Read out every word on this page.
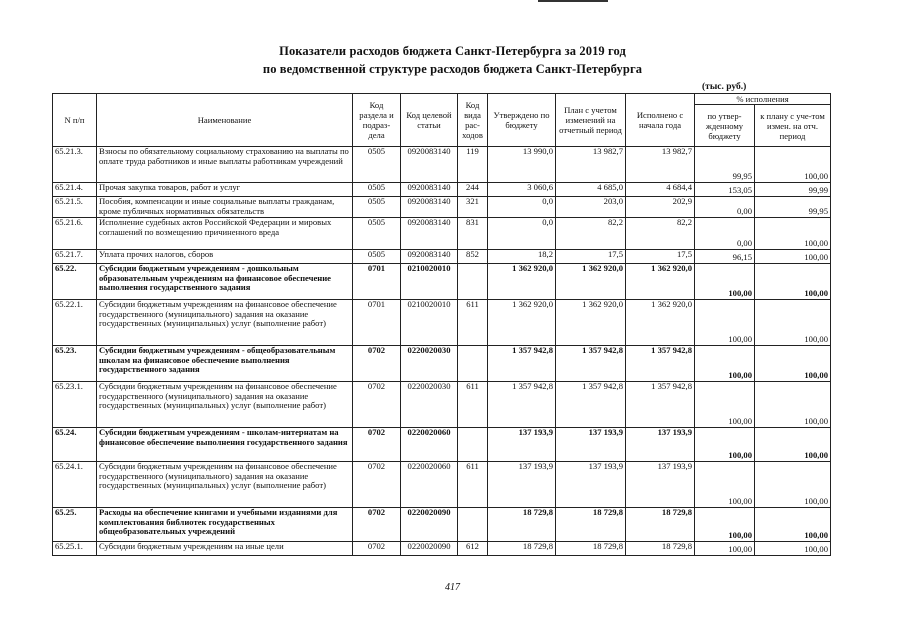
Показатели расходов бюджета Санкт-Петербурга за 2019 год
по ведомственной структуре расходов бюджета Санкт-Петербурга
(тыс. руб.)
N п/п	Наименование	Код раздела и подраз-дела	Код целевой статьи	Код вида рас-ходов	Утверждено по бюджету	План с учетом изменений на отчетный период	Исполнено с начала года	% исполнения	
								по утвер-жденному бюджету	к плану с уче-том измен. на отч. период
65.21.3.	Взносы по обязательному социальному страхованию на выплаты по оплате труда работников и иные выплаты работникам учреждений	0505	0920083140	119	13 990,0	13 982,7	13 982,7	99,95	100,00
65.21.4.	Прочая закупка товаров, работ и услуг	0505	0920083140	244	3 060,6	4 685,0	4 684,4	153,05	99,99
65.21.5.	Пособия, компенсации и иные социальные выплаты гражданам, кроме публичных нормативных обязательств	0505	0920083140	321	0,0	203,0	202,9	0,00	99,95
65.21.6.	Исполнение судебных актов Российской Федерации и мировых соглашений по возмещению причиненного вреда	0505	0920083140	831	0,0	82,2	82,2	0,00	100,00
65.21.7.	Уплата прочих налогов, сборов	0505	0920083140	852	18,2	17,5	17,5	96,15	100,00
65.22.	Субсидии бюджетным учреждениям - дошкольным образовательным учреждениям на финансовое обеспечение выполнения государственного задания	0701	0210020010		1 362 920,0	1 362 920,0	1 362 920,0	100,00	100,00
65.22.1.	Субсидии бюджетным учреждениям на финансовое обеспечение государственного (муниципального) задания на оказание государственных (муниципальных) услуг (выполнение работ)	0701	0210020010	611	1 362 920,0	1 362 920,0	1 362 920,0	100,00	100,00
65.23.	Субсидии бюджетным учреждениям - общеобразовательным школам на финансовое обеспечение выполнения государственного задания	0702	0220020030		1 357 942,8	1 357 942,8	1 357 942,8	100,00	100,00
65.23.1.	Субсидии бюджетным учреждениям на финансовое обеспечение государственного (муниципального) задания на оказание государственных (муниципальных) услуг (выполнение работ)	0702	0220020030	611	1 357 942,8	1 357 942,8	1 357 942,8	100,00	100,00
65.24.	Субсидии бюджетным учреждениям - школам-интернатам на финансовое обеспечение выполнения государственного задания	0702	0220020060		137 193,9	137 193,9	137 193,9	100,00	100,00
65.24.1.	Субсидии бюджетным учреждениям на финансовое обеспечение государственного (муниципального) задания на оказание государственных (муниципальных) услуг (выполнение работ)	0702	0220020060	611	137 193,9	137 193,9	137 193,9	100,00	100,00
65.25.	Расходы на обеспечение книгами и учебными изданиями для комплектования библиотек государственных общеобразовательных учреждений	0702	0220020090		18 729,8	18 729,8	18 729,8	100,00	100,00
65.25.1.	Субсидии бюджетным учреждениям на иные цели	0702	0220020090	612	18 729,8	18 729,8	18 729,8	100,00	100,00
417
